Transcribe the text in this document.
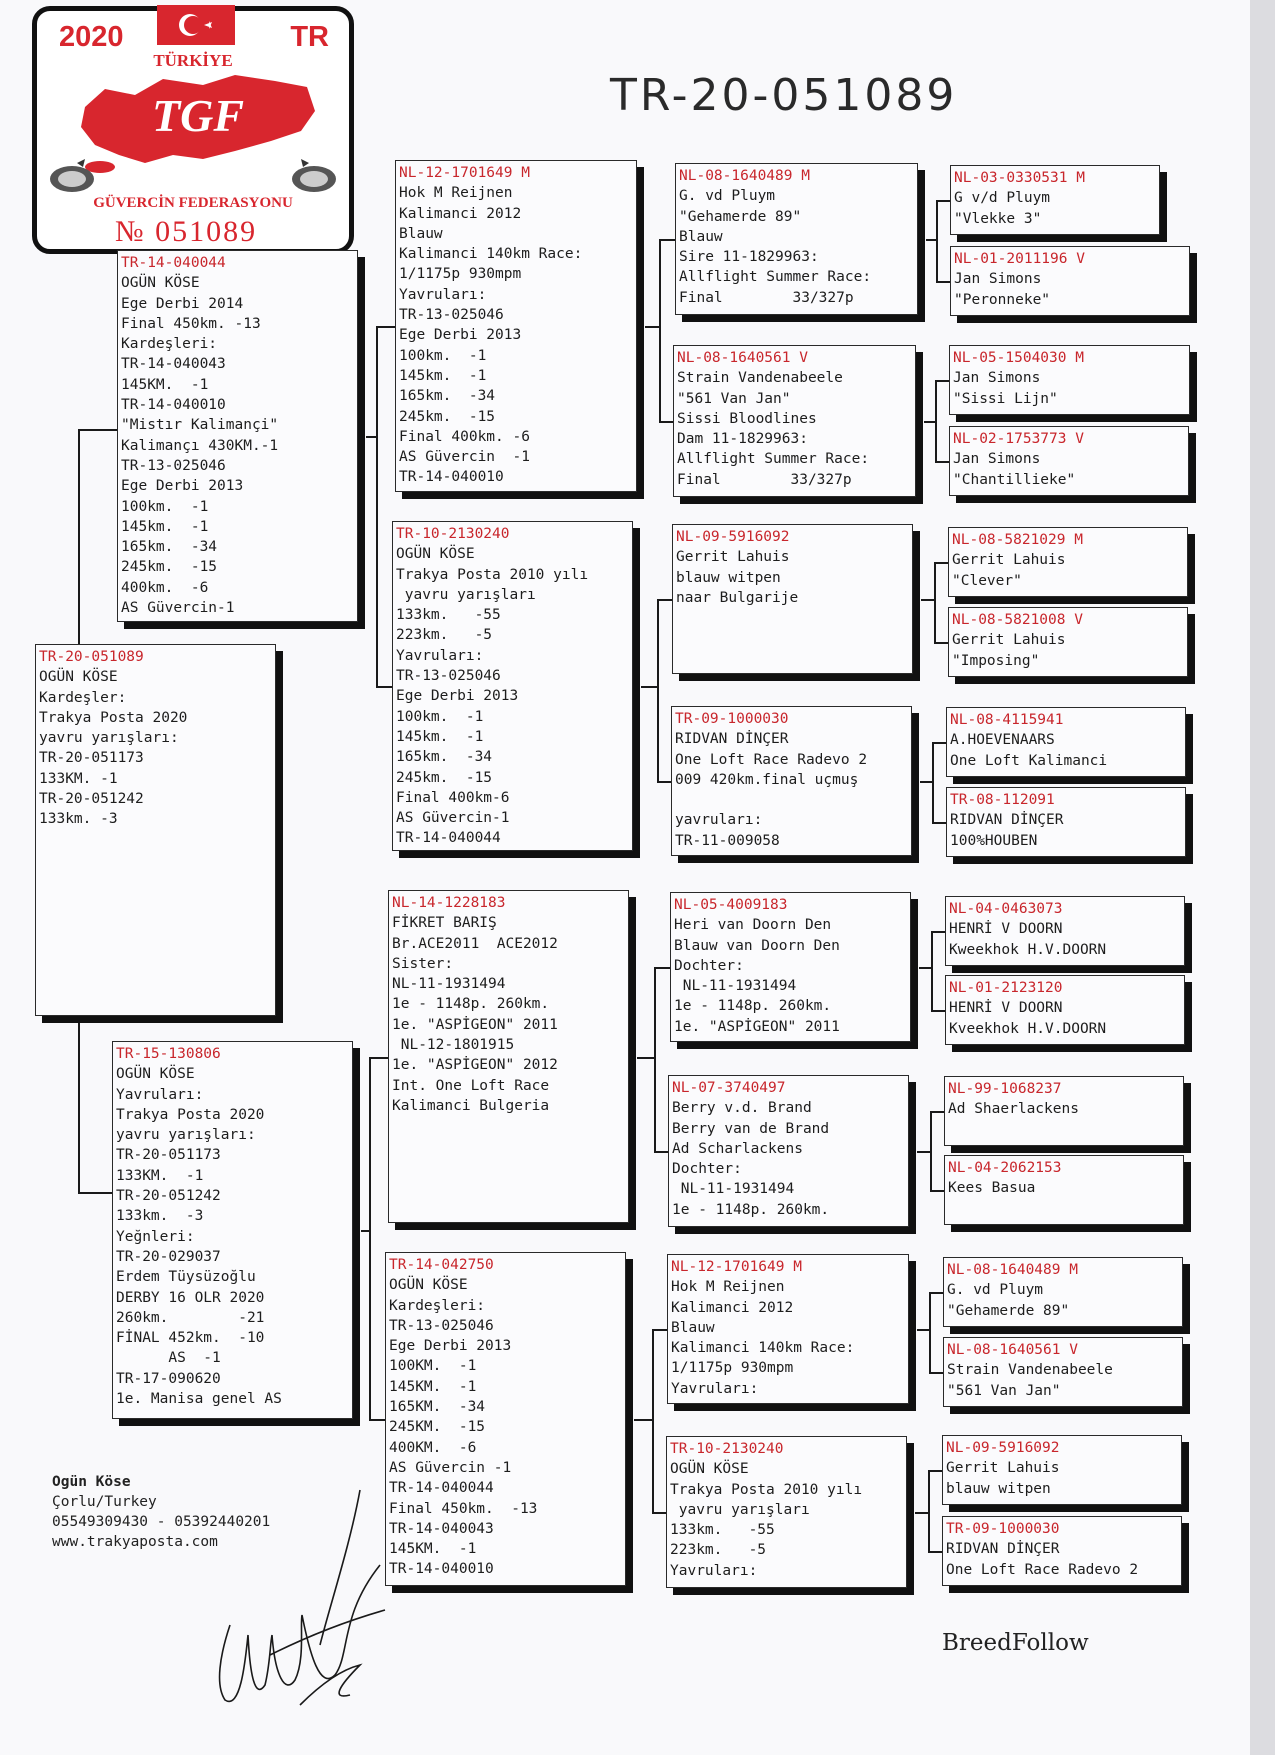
2020	TR
TÜRKİYE
TGF
GÜVERCİN FEDERASYONU
№ 051089
TR-20-051089
TR-20-051089
OGÜN KÖSE
Kardeşler:
Trakya Posta 2020
yavru yarışları:
TR-20-051173
133KM. -1
TR-20-051242
133km. -3
TR-14-040044
OGÜN KÖSE
Ege Derbi 2014
Final 450km. -13
Kardeşleri:
TR-14-040043
145KM.  -1
TR-14-040010
"Mistır Kalimançi"
Kalimançı 430KM.-1
TR-13-025046
Ege Derbi 2013
100km.  -1
145km.  -1
165km.  -34
245km.  -15
400km.  -6
AS Güvercin-1
TR-15-130806
OGÜN KÖSE
Yavruları:
Trakya Posta 2020
yavru yarışları:
TR-20-051173
133KM.  -1
TR-20-051242
133km.  -3
Yeğnleri:
TR-20-029037
Erdem Tüysüzoğlu
DERBY 16 OLR 2020
260km.        -21
FİNAL 452km.  -10
AS  -1
TR-17-090620
1e. Manisa genel AS
NL-12-1701649 M
Hok M Reijnen
Kalimanci 2012
Blauw
Kalimanci 140km Race:
1/1175p 930mpm
Yavruları:
TR-13-025046
Ege Derbi 2013
100km.  -1
145km.  -1
165km.  -34
245km.  -15
Final 400km. -6
AS Güvercin  -1
TR-14-040010
TR-10-2130240
OGÜN KÖSE
Trakya Posta 2010 yılı
yavru yarışları
133km.   -55
223km.   -5
Yavruları:
TR-13-025046
Ege Derbi 2013
100km.  -1
145km.  -1
165km.  -34
245km.  -15
Final 400km-6
AS Güvercin-1
TR-14-040044
NL-14-1228183
FİKRET BARIŞ
Br.ACE2011  ACE2012
Sister:
NL-11-1931494
1e - 1148p. 260km.
1e. "ASPİGEON" 2011
NL-12-1801915
1e. "ASPİGEON" 2012
Int. One Loft Race
Kalimanci Bulgeria
TR-14-042750
OGÜN KÖSE
Kardeşleri:
TR-13-025046
Ege Derbi 2013
100KM.  -1
145KM.  -1
165KM.  -34
245KM.  -15
400KM.  -6
AS Güvercin -1
TR-14-040044
Final 450km.  -13
TR-14-040043
145KM.  -1
TR-14-040010
NL-08-1640489 M
G. vd Pluym
"Gehamerde 89"
Blauw
Sire 11-1829963:
Allflight Summer Race:
Final        33/327p
NL-08-1640561 V
Strain Vandenabeele
"561 Van Jan"
Sissi Bloodlines
Dam 11-1829963:
Allflight Summer Race:
Final        33/327p
NL-09-5916092
Gerrit Lahuis
blauw witpen
naar Bulgarije
TR-09-1000030
RIDVAN DİNÇER
One Loft Race Radevo 2
009 420km.final uçmuş

yavruları:
TR-11-009058
NL-05-4009183
Heri van Doorn Den
Blauw van Doorn Den
Dochter:
NL-11-1931494
1e - 1148p. 260km.
1e. "ASPİGEON" 2011
NL-07-3740497
Berry v.d. Brand
Berry van de Brand
Ad Scharlackens
Dochter:
NL-11-1931494
1e - 1148p. 260km.
NL-12-1701649 M
Hok M Reijnen
Kalimanci 2012
Blauw
Kalimanci 140km Race:
1/1175p 930mpm
Yavruları:
TR-10-2130240
OGÜN KÖSE
Trakya Posta 2010 yılı
yavru yarışları
133km.   -55
223km.   -5
Yavruları:
NL-03-0330531 M
G v/d Pluym
"Vlekke 3"
NL-01-2011196 V
Jan Simons
"Peronneke"
NL-05-1504030 M
Jan Simons
"Sissi Lijn"
NL-02-1753773 V
Jan Simons
"Chantillieke"
NL-08-5821029 M
Gerrit Lahuis
"Clever"
NL-08-5821008 V
Gerrit Lahuis
"Imposing"
NL-08-4115941
A.HOEVENAARS
One Loft Kalimanci
TR-08-112091
RIDVAN DİNÇER
100%HOUBEN
NL-04-0463073
HENRİ V DOORN
Kweekhok H.V.DOORN
NL-01-2123120
HENRİ V DOORN
Kveekhok H.V.DOORN
NL-99-1068237
Ad Shaerlackens
NL-04-2062153
Kees Basua
NL-08-1640489 M
G. vd Pluym
"Gehamerde 89"
NL-08-1640561 V
Strain Vandenabeele
"561 Van Jan"
NL-09-5916092
Gerrit Lahuis
blauw witpen
TR-09-1000030
RIDVAN DİNÇER
One Loft Race Radevo 2
Ogün Köse
Çorlu/Turkey
05549309430 - 05392440201
www.trakyaposta.com
BreedFollow
